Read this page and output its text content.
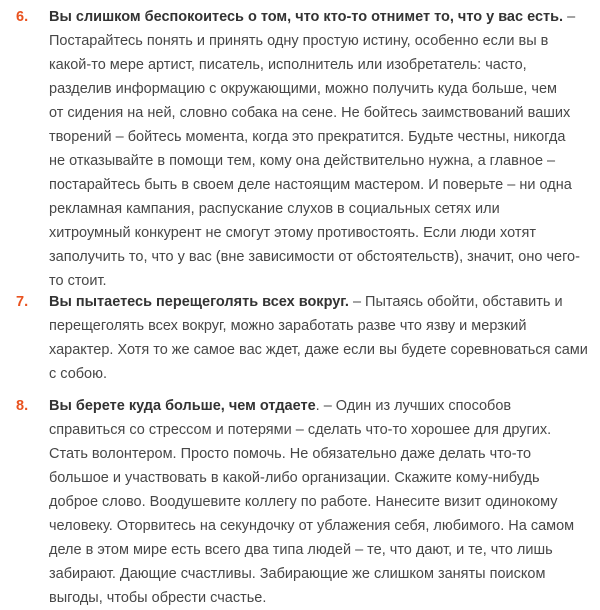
6. Вы слишком беспокоитесь о том, что кто-то отнимет то, что у вас есть. –
Постарайтесь понять и принять одну простую истину, особенно если вы в
какой-то мере артист, писатель, исполнитель или изобретатель: часто,
разделив информацию с окружающими, можно получить куда больше, чем
от сидения на ней, словно собака на сене. Не бойтесь заимствований ваших
творений – бойтесь момента, когда это прекратится. Будьте честны, никогда
не отказывайте в помощи тем, кому она действительно нужна, а главное –
постарайтесь быть в своем деле настоящим мастером. И поверьте – ни одна
рекламная кампания, распускание слухов в социальных сетях или
хитроумный конкурент не смогут этому противостоять. Если люди хотят
заполучить то, что у вас (вне зависимости от обстоятельств), значит, оно чего-
то стоит.
7. Вы пытаетесь перещеголять всех вокруг. – Пытаясь обойти, обставить и
перещеголять всех вокруг, можно заработать разве что язву и мерзкий
характер. Хотя то же самое вас ждет, даже если вы будете соревноваться сами
с собою.
8. Вы берете куда больше, чем отдаете. – Один из лучших способов
справиться со стрессом и потерями – сделать что-то хорошее для других.
Стать волонтером. Просто помочь. Не обязательно даже делать что-то
большое и участвовать в какой-либо организации. Скажите кому-нибудь
доброе слово. Воодушевите коллегу по работе. Нанесите визит одинокому
человеку. Оторвитесь на секундочку от ублажения себя, любимого. На самом
деле в этом мире есть всего два типа людей – те, что дают, и те, что лишь
забирают. Дающие счастливы. Забирающие же слишком заняты поиском
выгоды, чтобы обрести счастье.
